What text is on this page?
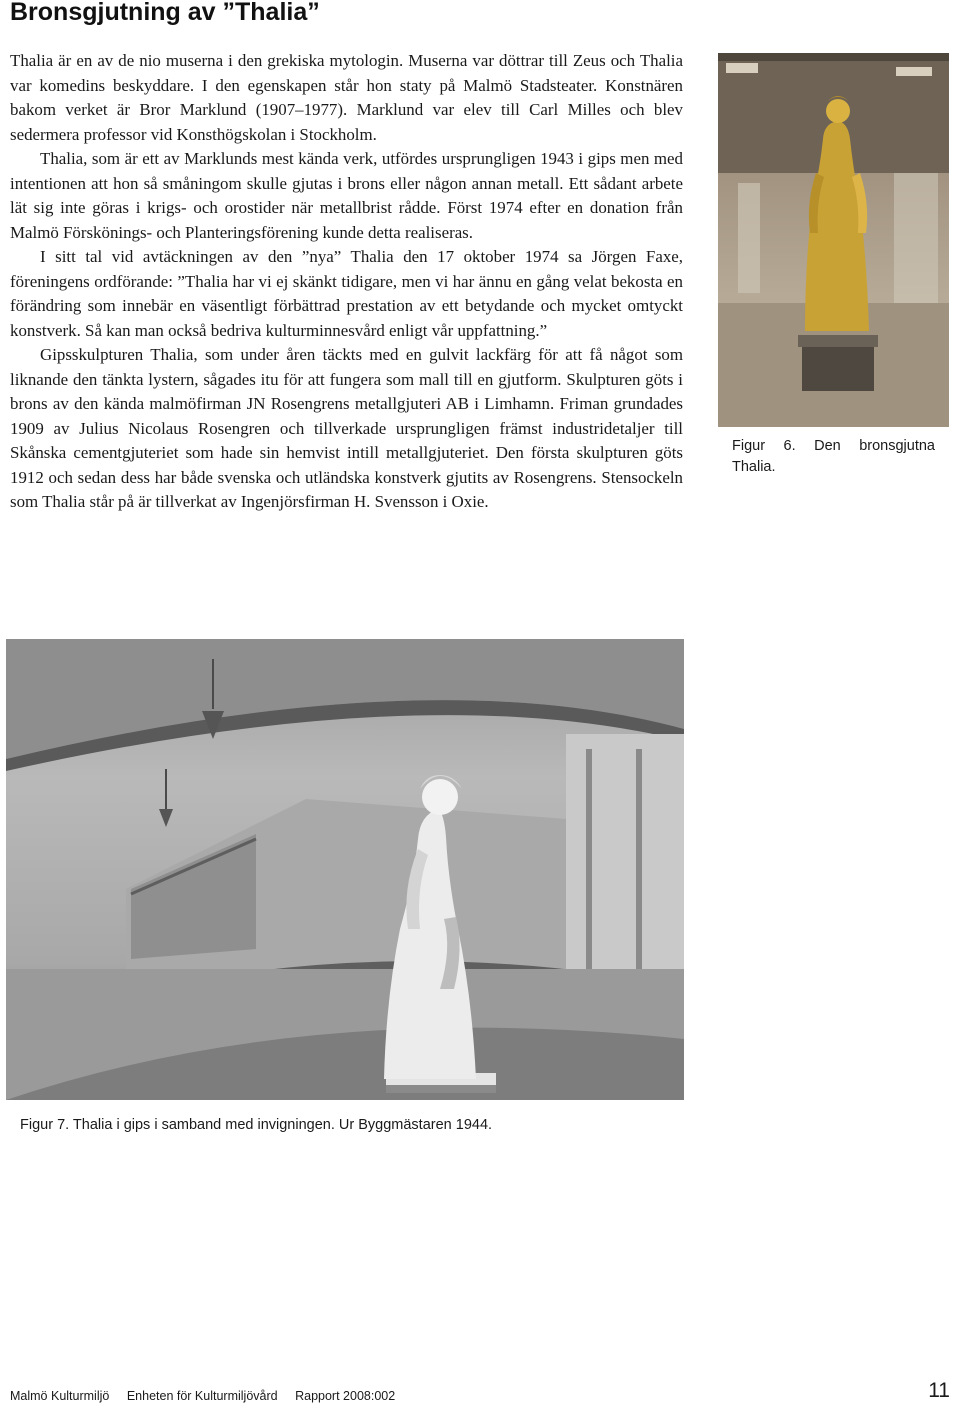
Bronsgjutning av ”Thalia”

Thalia är en av de nio muserna i den grekiska mytologin. Muserna var döttrar till Zeus och Thalia var komedins beskyddare. I den egenskapen står hon staty på Malmö Stadsteater. Konstnären bakom verket är Bror Marklund (1907–1977). Marklund var elev till Carl Milles och blev sedermera professor vid Konsthögskolan i Stockholm.

Thalia, som är ett av Marklunds mest kända verk, utfördes ursprungligen 1943 i gips men med intentionen att hon så småningom skulle gjutas i brons eller någon annan metall. Ett sådant arbete lät sig inte göras i krigs- och orostider när metallbrist rådde. Först 1974 efter en donation från Malmö Förskönings- och Planteringsförening kunde detta realiseras.

I sitt tal vid avtäckningen av den ”nya” Thalia den 17 oktober 1974 sa Jörgen Faxe, föreningens ordförande: ”Thalia har vi ej skänkt tidigare, men vi har ännu en gång velat bekosta en förändring som innebär en väsentligt förbättrad prestation av ett betydande och mycket omtyckt konstverk. Så kan man också bedriva kulturminnesvård enligt vår uppfattning.”

Gipsskulpturen Thalia, som under åren täckts med en gulvit lackfärg för att få något som liknande den tänkta lystern, sågades itu för att fungera som mall till en gjutform. Skulpturen göts i brons av den kända malmöfirman JN Rosengrens metallgjuteri AB i Limhamn. Friman grundades 1909 av Julius Nicolaus Rosengren och tillverkade ursprungligen främst industridetaljer till Skånska cementgjuteriet som hade sin hemvist intill metallgjuteriet. Den första skulpturen göts 1912 och sedan dess har både svenska och utländska konstverk gjutits av Rosengrens. Stensockeln som Thalia står på är tillverkat av Ingenjörsfirman H. Svensson i Oxie.

Figur 6. Den bronsgjutna Thalia.

Figur 7. Thalia i gips i samband med invigningen. Ur Byggmästaren 1944.

Malmö Kulturmiljö Enheten för Kulturmiljövård Rapport 2008:002	11
